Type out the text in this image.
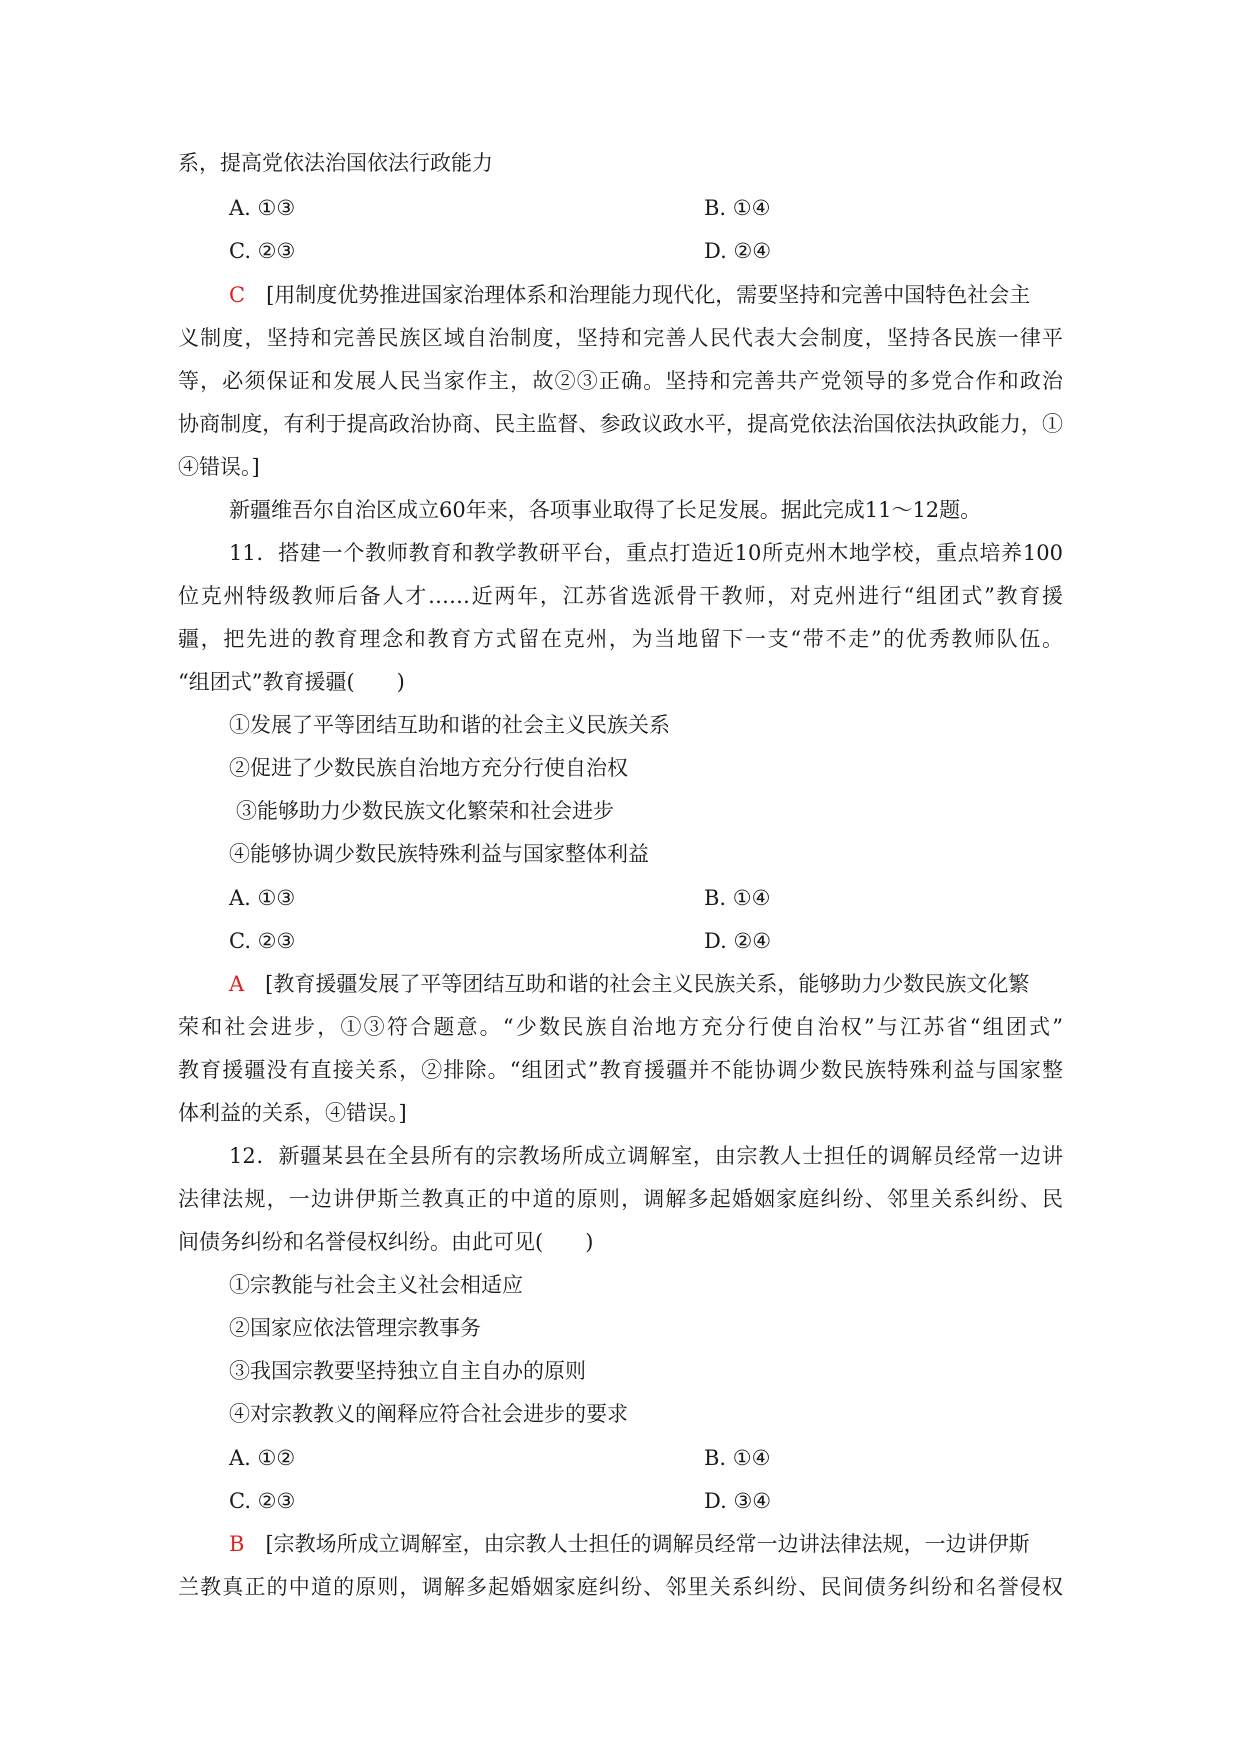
系，提高党依法治国依法行政能力
A. ①③	B. ①④
C. ②③	D. ②④
C　 [用制度优势推进国家治理体系和治理能力现代化，需要坚持和完善中国特色社会主
义制度，坚持和完善民族区域自治制度，坚持和完善人民代表大会制度，坚持各民族一律平
等，必须保证和发展人民当家作主，故②③正确。坚持和完善共产党领导的多党合作和政治
协商制度，有利于提高政治协商、民主监督、参政议政水平，提高党依法治国依法执政能力，①
④错误。]
新疆维吾尔自治区成立60年来，各项事业取得了长足发展。据此完成11～12题。
11．搭建一个教师教育和教学教研平台，重点打造近10所克州木地学校，重点培养100
位克州特级教师后备人才……近两年，江苏省选派骨干教师，对克州进行“组团式”教育援
疆，把先进的教育理念和教育方式留在克州，为当地留下一支“带不走”的优秀教师队伍。
“组团式”教育援疆(　　)
①发展了平等团结互助和谐的社会主义民族关系
②促进了少数民族自治地方充分行使自治权
③能够助力少数民族文化繁荣和社会进步
④能够协调少数民族特殊利益与国家整体利益
A. ①③	B. ①④
C. ②③	D. ②④
A　 [教育援疆发展了平等团结互助和谐的社会主义民族关系，能够助力少数民族文化繁
荣和社会进步，①③符合题意。“少数民族自治地方充分行使自治权”与江苏省“组团式”
教育援疆没有直接关系，②排除。“组团式”教育援疆并不能协调少数民族特殊利益与国家整
体利益的关系，④错误。]
12．新疆某县在全县所有的宗教场所成立调解室，由宗教人士担任的调解员经常一边讲
法律法规，一边讲伊斯兰教真正的中道的原则，调解多起婚姻家庭纠纷、邻里关系纠纷、民
间债务纠纷和名誉侵权纠纷。由此可见(　　)
①宗教能与社会主义社会相适应
②国家应依法管理宗教事务
③我国宗教要坚持独立自主自办的原则
④对宗教教义的阐释应符合社会进步的要求
A. ①②	B. ①④
C. ②③	D. ③④
B　 [宗教场所成立调解室，由宗教人士担任的调解员经常一边讲法律法规，一边讲伊斯
兰教真正的中道的原则，调解多起婚姻家庭纠纷、邻里关系纠纷、民间债务纠纷和名誉侵权
